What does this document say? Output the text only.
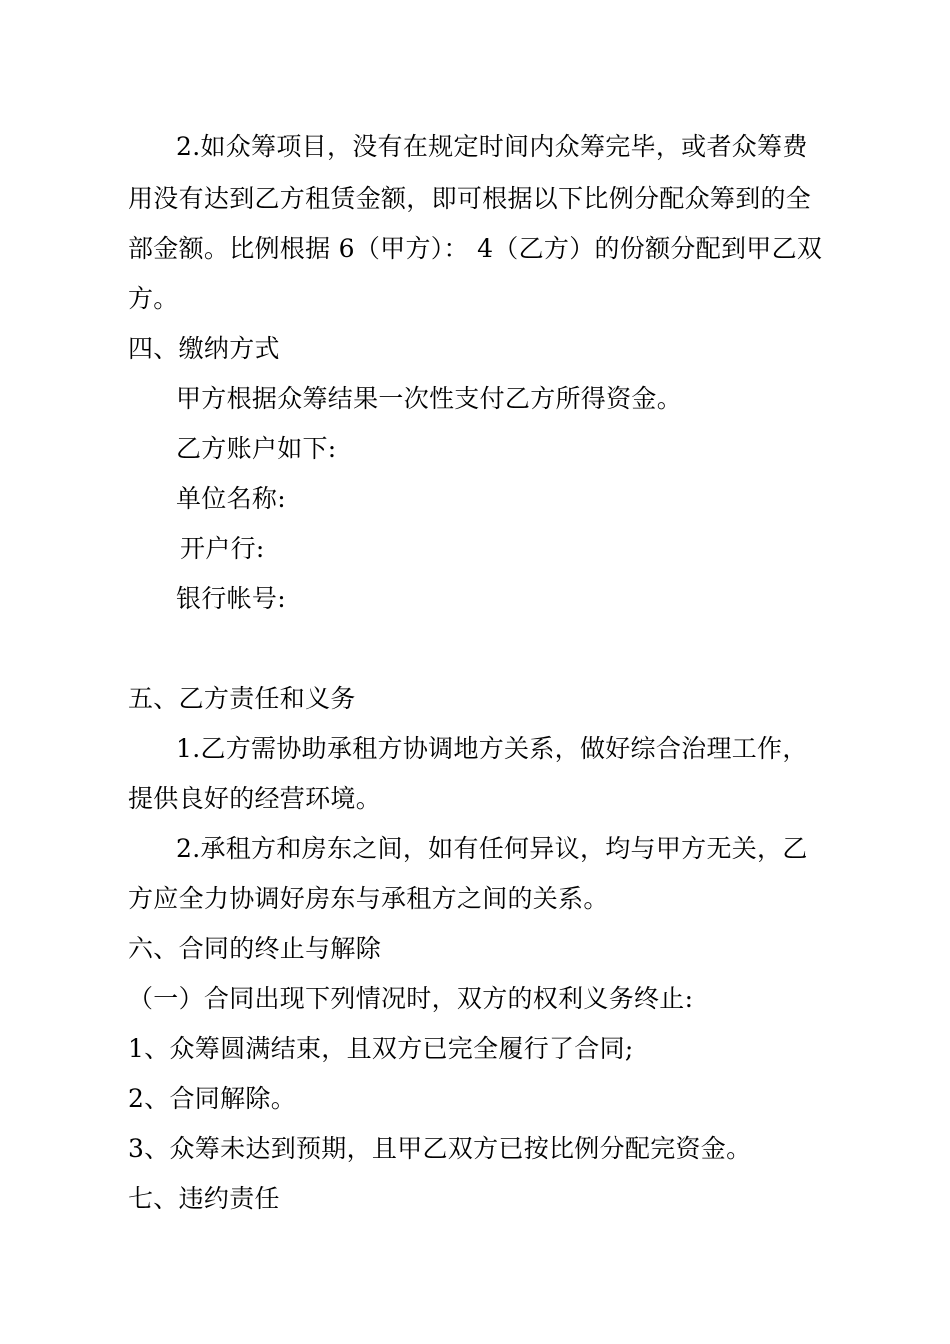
2.如众筹项目，没有在规定时间内众筹完毕，或者众筹费
用没有达到乙方租赁金额，即可根据以下比例分配众筹到的全
部金额。比例根据 6（甲方）： 4（乙方）的份额分配到甲乙双
方。
四、缴纳方式
甲方根据众筹结果一次性支付乙方所得资金。
乙方账户如下:
单位名称:
开户行:
银行帐号:
五、乙方责任和义务
1.乙方需协助承租方协调地方关系，做好综合治理工作，
提供良好的经营环境。
2.承租方和房东之间，如有任何异议，均与甲方无关，乙
方应全力协调好房东与承租方之间的关系。
六、合同的终止与解除
（一）合同出现下列情况时，双方的权利义务终止:
1、众筹圆满结束，且双方已完全履行了合同;
2、合同解除。
3、众筹未达到预期，且甲乙双方已按比例分配完资金。
七、违约责任
